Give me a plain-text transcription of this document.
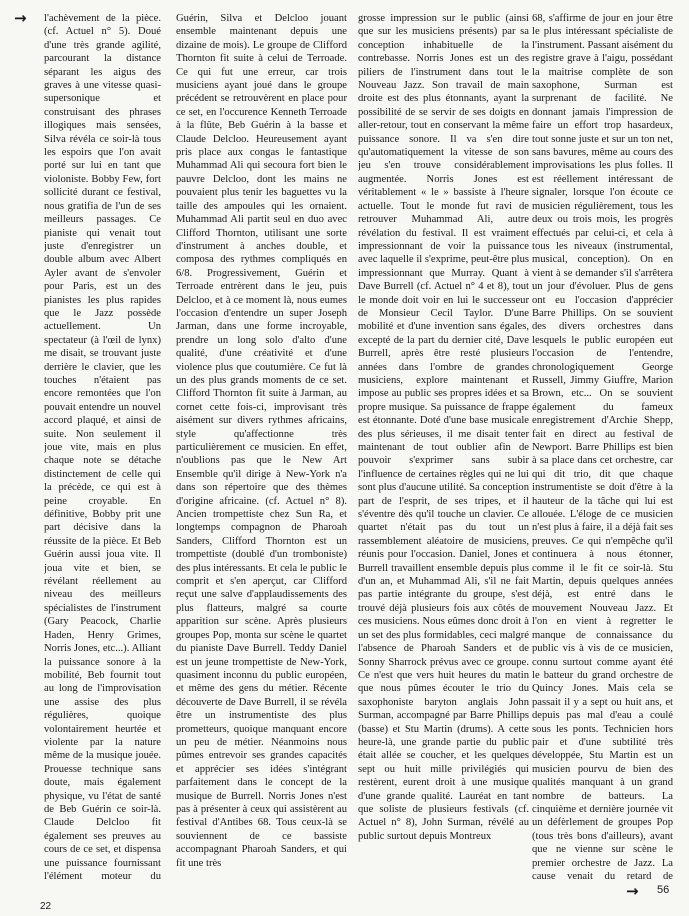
→ l'achèvement de la pièce. (cf. Actuel n° 5). Doué d'une très grande agilité, parcourant la distance séparant les aigus des graves à une vitesse quasi-supersonique et construisant des phrases illogiques mais sensées, Silva révéla ce soir-là tous les espoirs que l'on avait porté sur lui en tant que violoniste. Bobby Few, fort sollicité durant ce festival, nous gratifia de l'un de ses meilleurs passages. Ce pianiste qui venait tout juste d'enregistrer un double album avec Albert Ayler avant de s'envoler pour Paris, est un des pianistes les plus rapides que le Jazz possède actuellement. Un spectateur (à l'œil de lynx) me disait, se trouvant juste derrière le clavier, que les touches n'étaient pas encore remontées que l'on pouvait entendre un nouvel accord plaqué, et ainsi de suite. Non seulement il joue vite, mais en plus chaque note se détache distinctement de celle qui la précède, ce qui est à peine croyable. En définitive, Bobby prit une part décisive dans la réussite de la pièce. Et Beb Guérin aussi joua vite. Il joua vite et bien, se révélant réellement au niveau des meilleurs spécialistes de l'instrument (Gary Peacock, Charlie Haden, Henry Grimes, Norris Jones, etc...). Alliant la puissance sonore à la mobilité, Beb fournit tout au long de l'improvisation une assise des plus régulières, quoique volontairement heurtée et violente par la nature même de la musique jouée. Prouesse technique sans doute, mais également physique, vu l'état de santé de Beb Guérin ce soir-là. Claude Delcloo fit également ses preuves au cours de ce set, et dispensa une puissance fournissant l'élément moteur du

Guérin, Silva et Delcloo jouant ensemble maintenant depuis une dizaine de mois). Le groupe de Clifford Thornton fit suite à celui de Terroade. Ce qui fut une erreur, car trois musiciens ayant joué dans le groupe précédent se retrouvèrent en place pour ce set, en l'occurence Kenneth Terroade à la flûte, Beb Guérin à la basse et Claude Delcloo. Heureusement ayant pris place aux congas le fantastique Muhammad Ali qui secoura fort bien le pauvre Delcloo, dont les mains ne pouvaient plus tenir les baguettes vu la taille des ampoules qui les ornaient. Muhammad Ali partit seul en duo avec Clifford Thornton, utilisant une sorte d'instrument à anches double, et composa des rythmes compliqués en 6/8. Progressivement, Guérin et Terroade entrèrent dans le jeu, puis Delcloo, et à ce moment là, nous eumes l'occasion d'entendre un super Joseph Jarman, dans une forme incroyable, prendre un long solo d'alto d'une qualité, d'une créativité et d'une violence plus que coutumière. Ce fut là un des plus grands moments de ce set. Clifford Thornton fit suite à Jarman, au cornet cette fois-ci, improvisant très aisément sur divers rythmes africains, style qu'affectionne très particulièrement ce musicien. En effet, n'oublions pas que le New Art Ensemble qu'il dirige à New-York n'a dans son répertoire que des thèmes d'origine africaine. (cf. Actuel n° 8). Ancien trompettiste chez Sun Ra, et longtemps compagnon de Pharoah Sanders, Clifford Thornton est un trompettiste (doublé d'un tromboniste) des plus intéressants. Et cela le public le comprit et s'en aperçut, car Clifford reçut une salve d'applaudissements des plus flatteurs, malgré sa courte apparition sur scène. Après plusieurs groupes Pop, monta sur scène le quartet du pianiste Dave Burrell. Teddy Daniel est un jeune trompettiste de New-York, quasiment inconnu du public européen, et même des gens du métier. Récente découverte de Dave Burrell, il se révéla être un instrumentiste des plus prometteurs, quoique manquant encore un peu de métier. Néanmoins nous pûmes entrevoir ses grandes capacités et apprécier ses idées s'intégrant parfaitement dans le concept de la musique de Burrell. Norris Jones n'est pas à présenter à ceux qui assistèrent au festival d'Antibes 68. Tous ceux-là se souviennent de ce bassiste accompagnant Pharoah Sanders, et qui fit une très

grosse impression sur le public (ainsi que sur les musiciens présents) par sa conception inhabituelle de la contrebasse. Norris Jones est un des piliers de l'instrument dans tout le Nouveau Jazz. Son travail de main droite est des plus étonnants, ayant la possibilité de se servir de ses doigts en aller-retour, tout en conservant la même puissance sonore. Il va s'en dire qu'automatiquement la vitesse de son jeu s'en trouve considérablement augmentée. Norris Jones est véritablement « le » bassiste à l'heure actuelle. Tout le monde fut ravi de retrouver Muhammad Ali, autre révélation du festival. Il est vraiment impressionnant de voir la puissance avec laquelle il s'exprime, peut-être plus impressionnant que Murray. Quant à Dave Burrell (cf. Actuel n° 4 et 8), tout le monde doit voir en lui le successeur de Monsieur Cecil Taylor. D'une mobilité et d'une invention sans égales, excepté de la part du dernier cité, Dave Burrell, après être resté plusieurs années dans l'ombre de grandes musiciens, explore maintenant et impose au public ses propres idées et sa propre musique. Sa puissance de frappe est étonnante. Doté d'une base musicale des plus sérieuses, il me disait tenter maintenant de tout oublier afin de pouvoir s'exprimer sans subir l'influence de certaines règles qui ne lui sont plus d'aucune utilité. Sa conception part de l'esprit, de ses tripes, et il s'éventre dès qu'il touche un clavier. Ce quartet n'était pas du tout un rassemblement aléatoire de musiciens, réunis pour l'occasion. Daniel, Jones et Burrell travaillent ensemble depuis plus d'un an, et Muhammad Ali, s'il ne fait pas partie intégrante du groupe, s'est trouvé déjà plusieurs fois aux côtés de ces musiciens. Nous eûmes donc droit à un set des plus formidables, ceci malgré l'absence de Pharoah Sanders et de Sonny Sharrock prévus avec ce groupe. Ce n'est que vers huit heures du matin que nous pûmes écouter le trio du saxophoniste baryton anglais John Surman, accompagné par Barre Phillips (basse) et Stu Martin (drums). A cette heure-là, une grande partie du public était allée se coucher, et les quelques sept ou huit mille privilégiés qui restèrent, eurent droit à une musique d'une grande qualité. Lauréat en tant que soliste de plusieurs festivals (cf. Actuel n° 8), John Surman, révélé au public surtout depuis Montreux

68, s'affirme de jour en jour être le plus intéressant spécialiste de l'instrument. Passant aisément du registre grave à l'aigu, possédant la maitrise complète de son saxophone, Surman est surprenant de facilité. Ne donnant jamais l'impression de faire un effort trop hasardeux, tout sonne juste et sur un ton net, sans bavures, même au cours des improvisations les plus folles. Il est réellement intéressant de signaler, lorsque l'on écoute ce musicien régulièrement, tous les deux ou trois mois, les progrès effectués par celui-ci, et cela à tous les niveaux (instrumental, musical, conception). On en vient à se demander s'il s'arrêtera un jour d'évoluer. Plus de gens ont eu l'occasion d'apprécier Barre Phillips. On se souvient des divers orchestres dans lesquels le public européen eut l'occasion de l'entendre, chronologiquement George Russell, Jimmy Giuffre, Marion Brown, etc... On se souvient également du fameux enregistrement d'Archie Shepp, fait en direct au festival de Newport. Barre Phillips est bien à sa place dans cet orchestre, car qui dit trio, dit que chaque instrumentiste se doit d'être à la hauteur de la tâche qui lui est allouée. L'éloge de ce musicien n'est plus à faire, il a déjà fait ses preuves. Ce qui n'empêche qu'il continuera à nous étonner, comme il le fit ce soir-là. Stu Martin, depuis quelques années déjà, est entré dans le mouvement Nouveau Jazz. Et l'on en vient à regretter le manque de connaissance du public vis à vis de ce musicien, connu surtout comme ayant été le batteur du grand orchestre de Quincy Jones. Mais cela se passait il y a sept ou huit ans, et depuis pas mal d'eau a coulé sous les ponts. Technicien hors pair et d'une subtilité très développée, Stu Martin est un musicien pourvu de bien des qualités manquant à un grand nombre de batteurs. La cinquième et dernière journée vit un défèrlement de groupes Pop (tous très bons d'ailleurs), avant que ne vienne sur scène le premier orchestre de Jazz. La cause venait du retard de

→ 56
22
